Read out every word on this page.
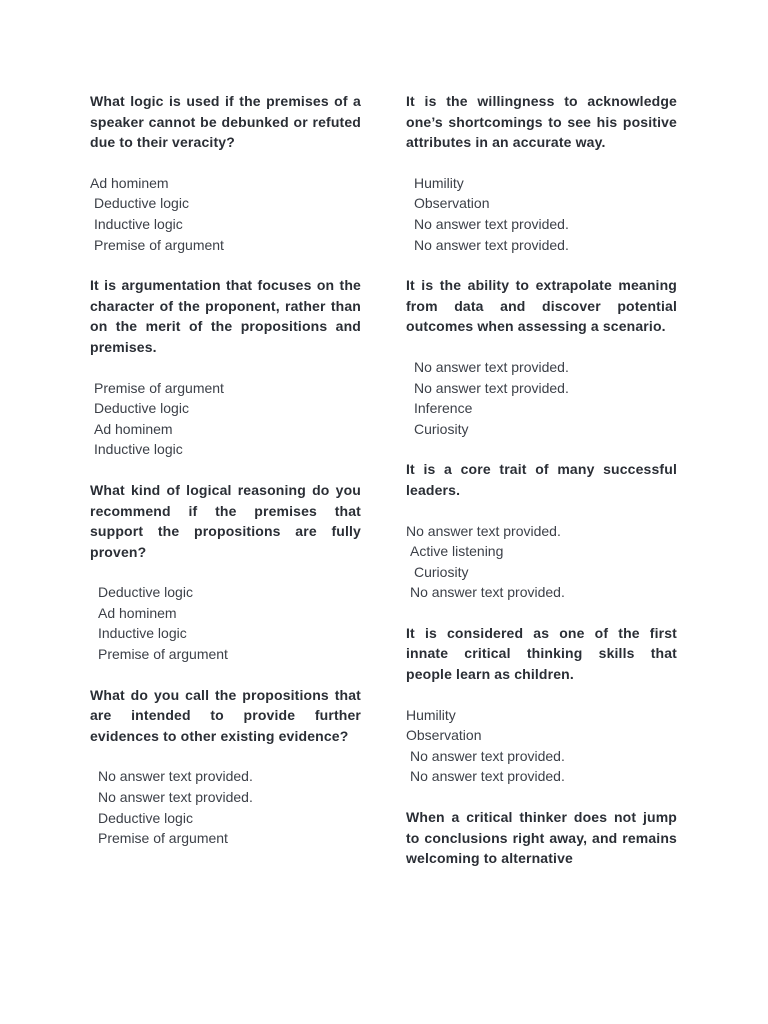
What logic is used if the premises of a speaker cannot be debunked or refuted due to their veracity?

Ad hominem
Deductive logic
Inductive logic
Premise of argument

It is argumentation that focuses on the character of the proponent, rather than on the merit of the propositions and premises.

Premise of argument
Deductive logic
Ad hominem
Inductive logic

What kind of logical reasoning do you recommend if the premises that support the propositions are fully proven?

Deductive logic
Ad hominem
Inductive logic
Premise of argument

What do you call the propositions that are intended to provide further evidences to other existing evidence?

No answer text provided.
No answer text provided.
Deductive logic
Premise of argument

It is the willingness to acknowledge one’s shortcomings to see his positive attributes in an accurate way.

Humility
Observation
No answer text provided.
No answer text provided.

It is the ability to extrapolate meaning from data and discover potential outcomes when assessing a scenario.

No answer text provided.
No answer text provided.
Inference
Curiosity

It is a core trait of many successful leaders.

No answer text provided.
Active listening
Curiosity
No answer text provided.

It is considered as one of the first innate critical thinking skills that people learn as children.

Humility
Observation
No answer text provided.
No answer text provided.

When a critical thinker does not jump to conclusions right away, and remains welcoming to alternative
